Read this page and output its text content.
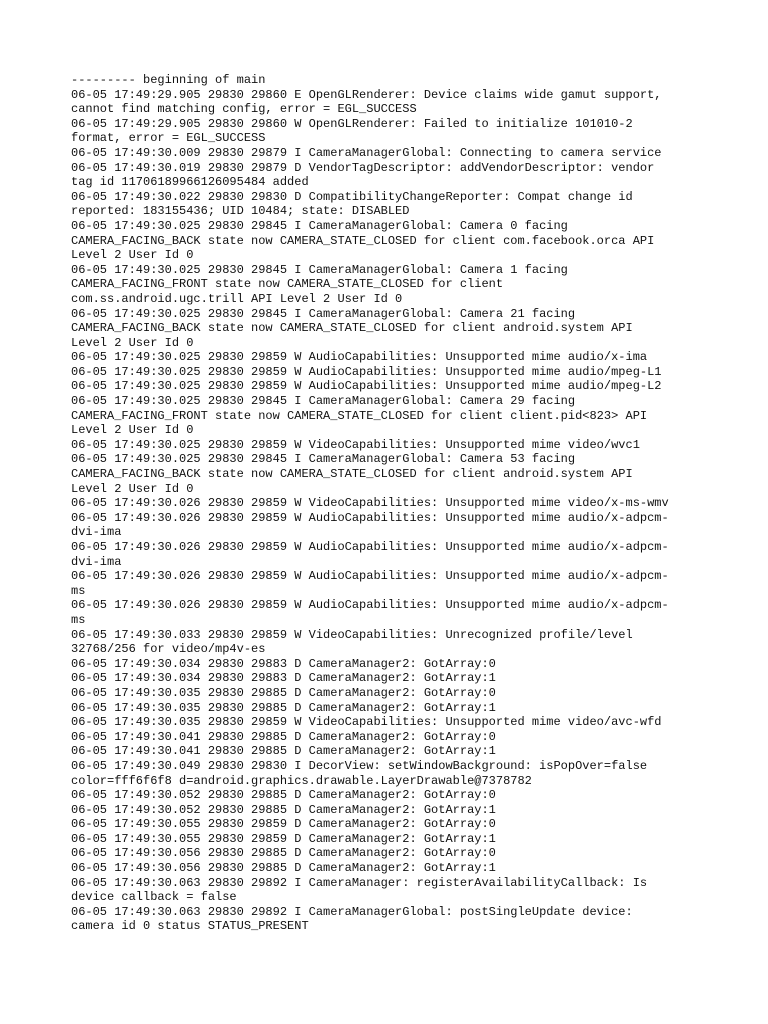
--------- beginning of main
06-05 17:49:29.905 29830 29860 E OpenGLRenderer: Device claims wide gamut support,
cannot find matching config, error = EGL_SUCCESS
06-05 17:49:29.905 29830 29860 W OpenGLRenderer: Failed to initialize 101010-2
format, error = EGL_SUCCESS
06-05 17:49:30.009 29830 29879 I CameraManagerGlobal: Connecting to camera service
06-05 17:49:30.019 29830 29879 D VendorTagDescriptor: addVendorDescriptor: vendor
tag id 11706189966126095484 added
06-05 17:49:30.022 29830 29830 D CompatibilityChangeReporter: Compat change id
reported: 183155436; UID 10484; state: DISABLED
06-05 17:49:30.025 29830 29845 I CameraManagerGlobal: Camera 0 facing
CAMERA_FACING_BACK state now CAMERA_STATE_CLOSED for client com.facebook.orca API
Level 2 User Id 0
06-05 17:49:30.025 29830 29845 I CameraManagerGlobal: Camera 1 facing
CAMERA_FACING_FRONT state now CAMERA_STATE_CLOSED for client
com.ss.android.ugc.trill API Level 2 User Id 0
06-05 17:49:30.025 29830 29845 I CameraManagerGlobal: Camera 21 facing
CAMERA_FACING_BACK state now CAMERA_STATE_CLOSED for client android.system API
Level 2 User Id 0
06-05 17:49:30.025 29830 29859 W AudioCapabilities: Unsupported mime audio/x-ima
06-05 17:49:30.025 29830 29859 W AudioCapabilities: Unsupported mime audio/mpeg-L1
06-05 17:49:30.025 29830 29859 W AudioCapabilities: Unsupported mime audio/mpeg-L2
06-05 17:49:30.025 29830 29845 I CameraManagerGlobal: Camera 29 facing
CAMERA_FACING_FRONT state now CAMERA_STATE_CLOSED for client client.pid<823> API
Level 2 User Id 0
06-05 17:49:30.025 29830 29859 W VideoCapabilities: Unsupported mime video/wvc1
06-05 17:49:30.025 29830 29845 I CameraManagerGlobal: Camera 53 facing
CAMERA_FACING_BACK state now CAMERA_STATE_CLOSED for client android.system API
Level 2 User Id 0
06-05 17:49:30.026 29830 29859 W VideoCapabilities: Unsupported mime video/x-ms-wmv
06-05 17:49:30.026 29830 29859 W AudioCapabilities: Unsupported mime audio/x-adpcm-
dvi-ima
06-05 17:49:30.026 29830 29859 W AudioCapabilities: Unsupported mime audio/x-adpcm-
dvi-ima
06-05 17:49:30.026 29830 29859 W AudioCapabilities: Unsupported mime audio/x-adpcm-
ms
06-05 17:49:30.026 29830 29859 W AudioCapabilities: Unsupported mime audio/x-adpcm-
ms
06-05 17:49:30.033 29830 29859 W VideoCapabilities: Unrecognized profile/level
32768/256 for video/mp4v-es
06-05 17:49:30.034 29830 29883 D CameraManager2: GotArray:0
06-05 17:49:30.034 29830 29883 D CameraManager2: GotArray:1
06-05 17:49:30.035 29830 29885 D CameraManager2: GotArray:0
06-05 17:49:30.035 29830 29885 D CameraManager2: GotArray:1
06-05 17:49:30.035 29830 29859 W VideoCapabilities: Unsupported mime video/avc-wfd
06-05 17:49:30.041 29830 29885 D CameraManager2: GotArray:0
06-05 17:49:30.041 29830 29885 D CameraManager2: GotArray:1
06-05 17:49:30.049 29830 29830 I DecorView: setWindowBackground: isPopOver=false
color=fff6f6f8 d=android.graphics.drawable.LayerDrawable@7378782
06-05 17:49:30.052 29830 29885 D CameraManager2: GotArray:0
06-05 17:49:30.052 29830 29885 D CameraManager2: GotArray:1
06-05 17:49:30.055 29830 29859 D CameraManager2: GotArray:0
06-05 17:49:30.055 29830 29859 D CameraManager2: GotArray:1
06-05 17:49:30.056 29830 29885 D CameraManager2: GotArray:0
06-05 17:49:30.056 29830 29885 D CameraManager2: GotArray:1
06-05 17:49:30.063 29830 29892 I CameraManager: registerAvailabilityCallback: Is
device callback = false
06-05 17:49:30.063 29830 29892 I CameraManagerGlobal: postSingleUpdate device:
camera id 0 status STATUS_PRESENT
